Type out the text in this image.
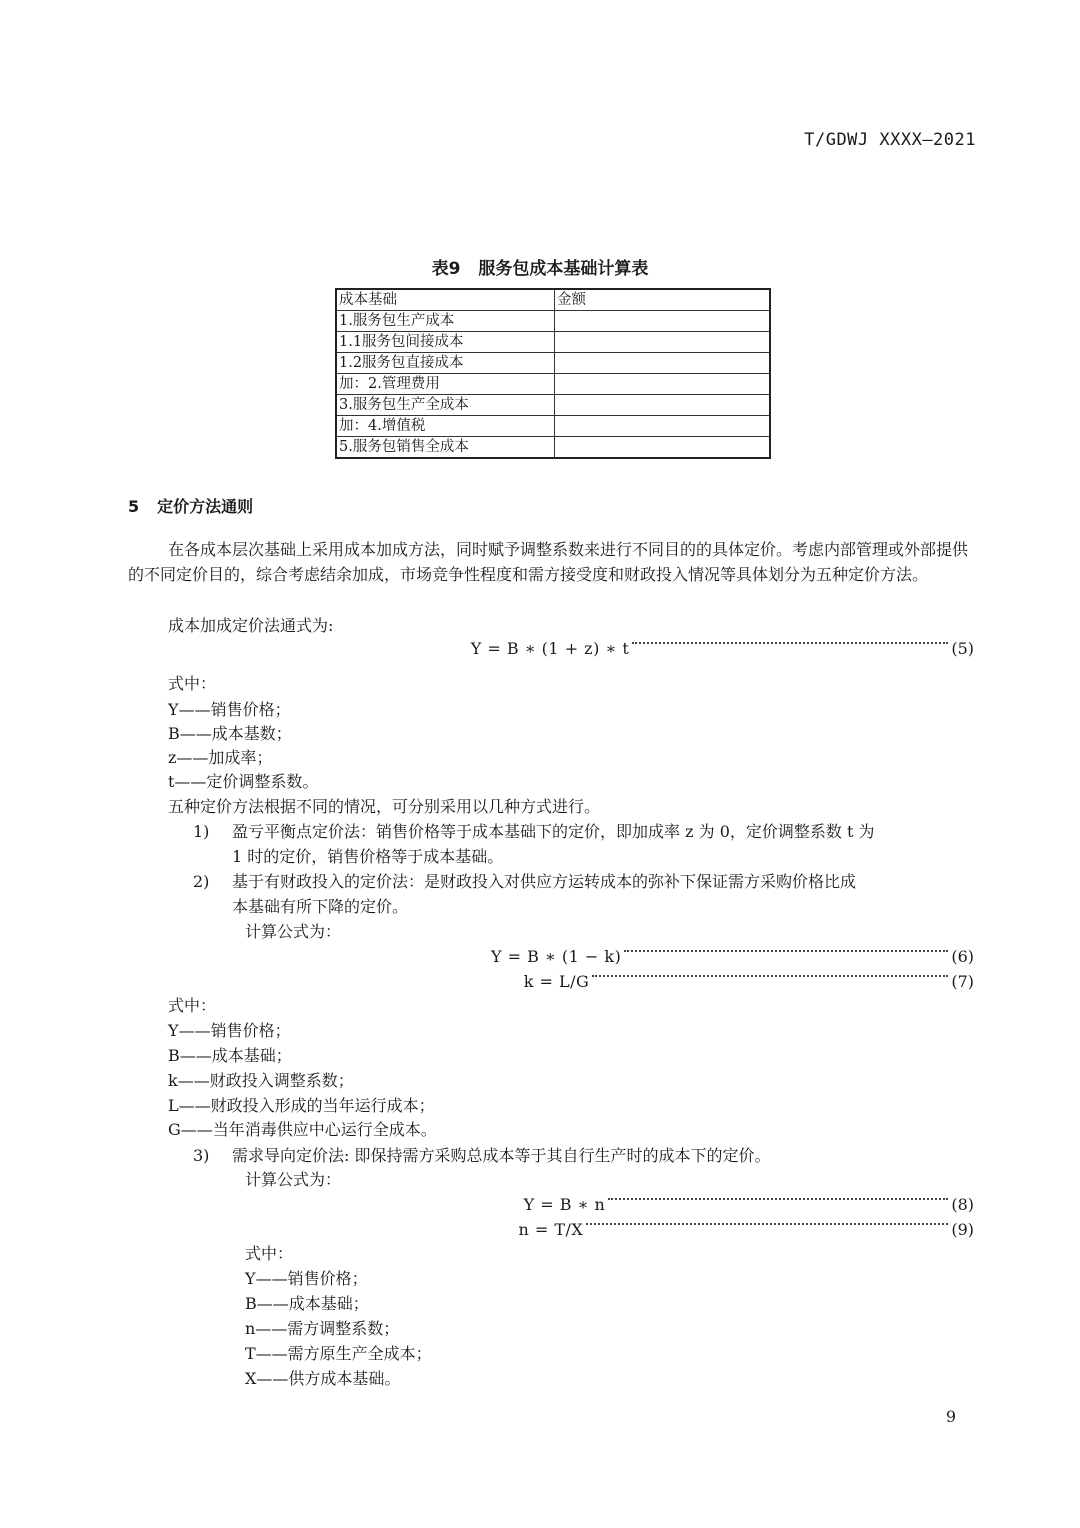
T/GDWJ XXXX—2021
表9 服务包成本基础计算表
成本基础	金额
1.服务包生产成本	
1.1服务包间接成本	
1.2服务包直接成本	
加：2.管理费用	
3.服务包生产全成本	
加：4.增值税	
5.服务包销售全成本	
5 定价方法通则
在各成本层次基础上采用成本加成方法，同时赋予调整系数来进行不同目的的具体定价。考虑内部管理或外部提供的不同定价目的，综合考虑结余加成，市场竞争性程度和需方接受度和财政投入情况等具体划分为五种定价方法。
成本加成定价法通式为:
Y = B ∗ (1 + z) ∗ t	(5)
式中：
Y——销售价格；
B——成本基数；
z——加成率；
t——定价调整系数。
五种定价方法根据不同的情况，可分别采用以几种方式进行。
1) 盈亏平衡点定价法：销售价格等于成本基础下的定价，即加成率 z 为 0，定价调整系数 t 为
1 时的定价，销售价格等于成本基础。
2) 基于有财政投入的定价法：是财政投入对供应方运转成本的弥补下保证需方采购价格比成
本基础有所下降的定价。
计算公式为：
Y = B ∗ (1 − k)	(6)
k = L/G	(7)
式中：
Y——销售价格；
B——成本基础；
k——财政投入调整系数；
L——财政投入形成的当年运行成本；
G——当年消毒供应中心运行全成本。
3) 需求导向定价法: 即保持需方采购总成本等于其自行生产时的成本下的定价。
计算公式为：
Y = B ∗ n	(8)
n = T/X	(9)
式中：
Y——销售价格；
B——成本基础；
n——需方调整系数；
T——需方原生产全成本；
X——供方成本基础。
9
